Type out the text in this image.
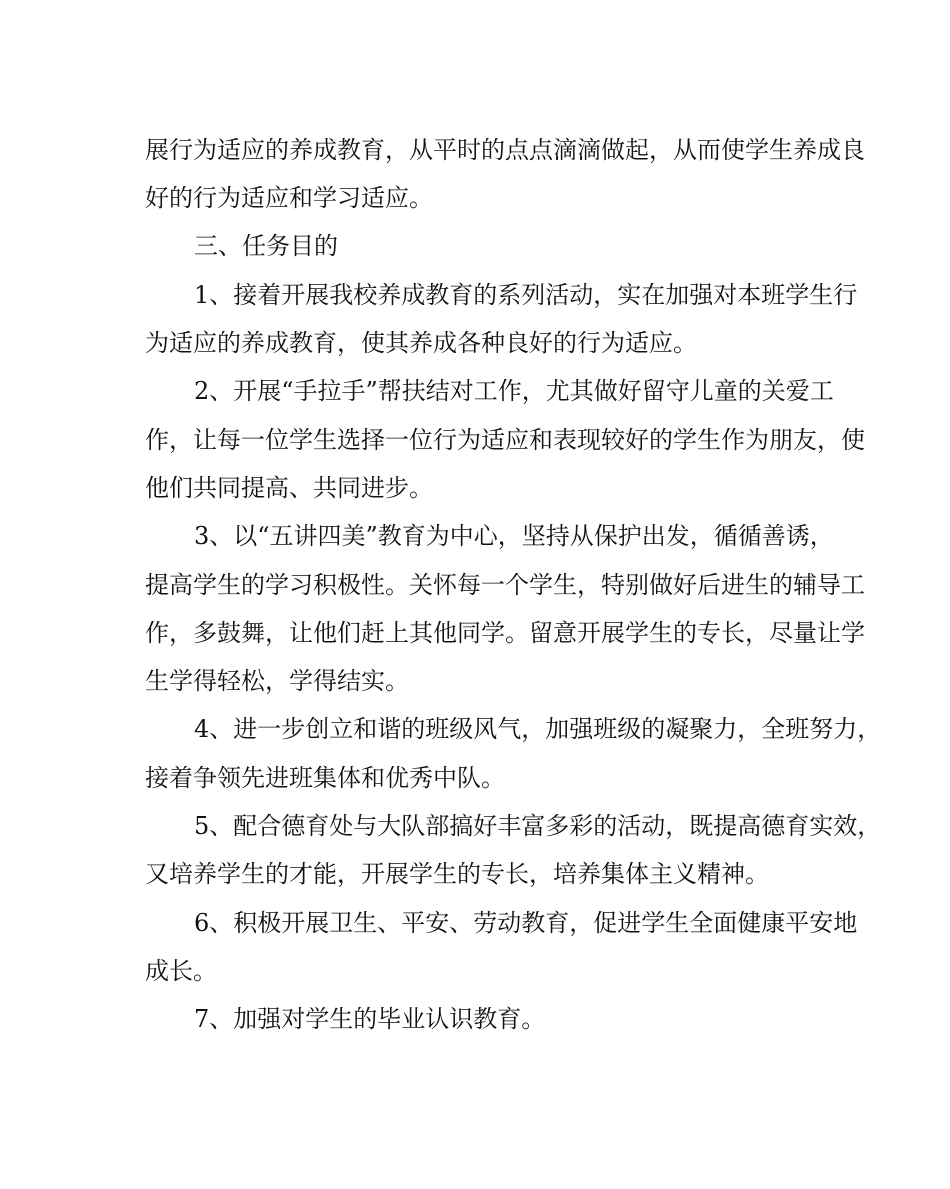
展行为适应的养成教育，从平时的点点滴滴做起，从而使学生养成良

好的行为适应和学习适应。

三、任务目的

1、接着开展我校养成教育的系列活动，实在加强对本班学生行

为适应的养成教育，使其养成各种良好的行为适应。

2、开展“手拉手”帮扶结对工作，尤其做好留守儿童的关爱工

作，让每一位学生选择一位行为适应和表现较好的学生作为朋友，使

他们共同提高、共同进步。

3、以“五讲四美”教育为中心，坚持从保护出发，循循善诱，

提高学生的学习积极性。关怀每一个学生，特别做好后进生的辅导工

作，多鼓舞，让他们赶上其他同学。留意开展学生的专长，尽量让学

生学得轻松，学得结实。

4、进一步创立和谐的班级风气，加强班级的凝聚力，全班努力，

接着争领先进班集体和优秀中队。

5、配合德育处与大队部搞好丰富多彩的活动，既提高德育实效，

又培养学生的才能，开展学生的专长，培养集体主义精神。

6、积极开展卫生、平安、劳动教育，促进学生全面健康平安地

成长。

7、加强对学生的毕业认识教育。
